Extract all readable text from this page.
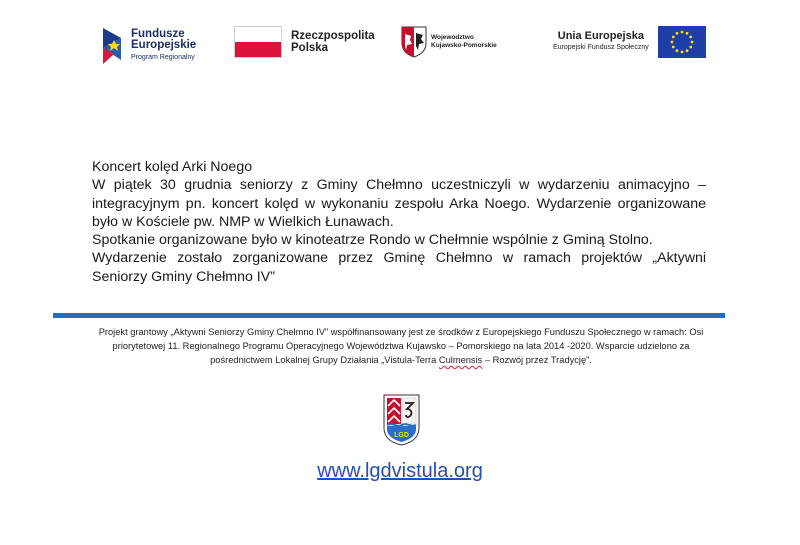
Fundusze
Europejskie
Program Regionalny
Rzeczpospolita
Polska
Województwo
Kujawsko-Pomorskie
Unia Europejska
Europejski Fundusz Społeczny

Koncert kolęd Arki Noego

W piątek 30 grudnia seniorzy z Gminy Chełmno uczestniczyli w wydarzeniu animacyjno – integracyjnym pn. koncert kolęd w wykonaniu zespołu Arka Noego. Wydarzenie organizowane było w Kościele pw. NMP w Wielkich Łunawach.

Spotkanie organizowane było w kinoteatrze Rondo w Chełmnie wspólnie z Gminą Stolno.

Wydarzenie zostało zorganizowane przez Gminę Chełmno w ramach projektów „Aktywni Seniorzy Gminy Chełmno IV”

Projekt grantowy „Aktywni Seniorzy Gminy Chełmno IV” współfinansowany jest ze środków z Europejskiego Funduszu Społecznego w ramach: Osi priorytetowej 11. Regionalnego Programu Operacyjnego Województwa Kujawsko – Pomorskiego na lata 2014 -2020. Wsparcie udzielono za pośrednictwem Lokalnej Grupy Działania „Vistula-Terra Culmensis – Rozwój przez Tradycję”.
LGD
www.lgdvistula.org
